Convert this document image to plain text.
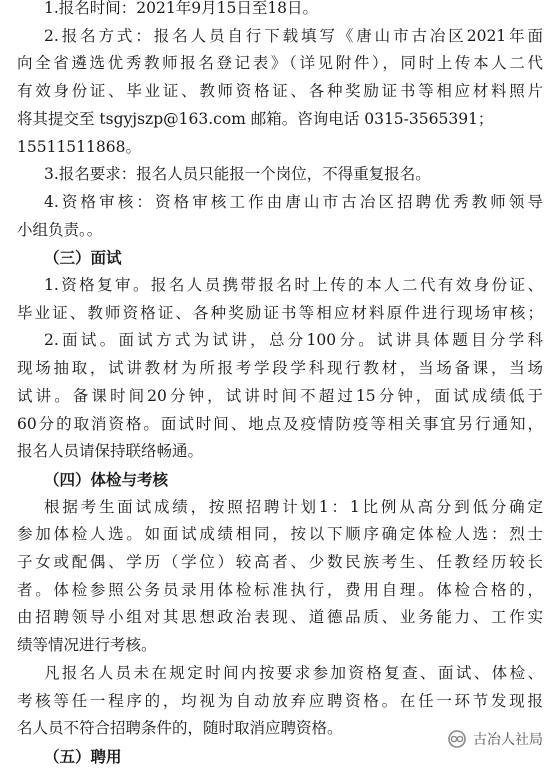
1.报名时间：2021年9月15日至18日。
2.报名方式：报名人员自行下载填写《唐山市古冶区2021年面
向全省遴选优秀教师报名登记表》（详见附件），同时上传本人二代
有效身份证、毕业证、教师资格证、各种奖励证书等相应材料照片
将其提交至 tsgyjszp@163.com 邮箱。咨询电话 0315-3565391；
15511511868。
3.报名要求：报名人员只能报一个岗位，不得重复报名。
4.资格审核：资格审核工作由唐山市古冶区招聘优秀教师领导
小组负责。。
（三）面试
1.资格复审。报名人员携带报名时上传的本人二代有效身份证、
毕业证、教师资格证、各种奖励证书等相应材料原件进行现场审核；
2.面试。面试方式为试讲，总分100分。试讲具体题目分学科
现场抽取，试讲教材为所报考学段学科现行教材，当场备课，当场
试讲。备课时间20分钟，试讲时间不超过15分钟，面试成绩低于
60分的取消资格。面试时间、地点及疫情防疫等相关事宜另行通知，
报名人员请保持联络畅通。
（四）体检与考核
根据考生面试成绩，按照招聘计划1：1比例从高分到低分确定
参加体检人选。如面试成绩相同，按以下顺序确定体检人选：烈士
子女或配偶、学历（学位）较高者、少数民族考生、任教经历较长
者。体检参照公务员录用体检标准执行，费用自理。体检合格的，
由招聘领导小组对其思想政治表现、道德品质、业务能力、工作实
绩等情况进行考核。
凡报名人员未在规定时间内按要求参加资格复查、面试、体检、
考核等任一程序的，均视为自动放弃应聘资格。在任一环节发现报
名人员不符合招聘条件的，随时取消应聘资格。
（五）聘用
古冶人社局
